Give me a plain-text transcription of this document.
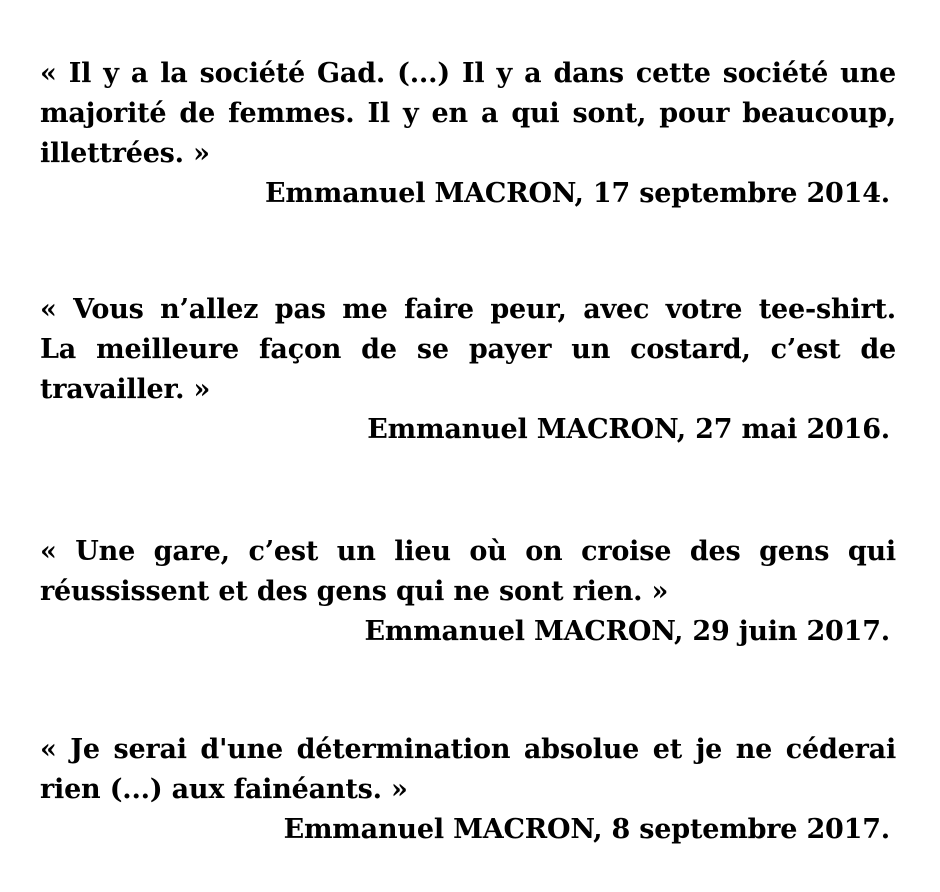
« Il y a la société Gad. (...) Il y a dans cette société une
majorité de femmes. Il y en a qui sont, pour beaucoup,
illettrées. »
Emmanuel MACRON, 17 septembre 2014.
« Vous n’allez pas me faire peur, avec votre tee-shirt.
La meilleure façon de se payer un costard, c’est de
travailler. »
Emmanuel MACRON, 27 mai 2016.
« Une gare, c’est un lieu où on croise des gens qui
réussissent et des gens qui ne sont rien. »
Emmanuel MACRON, 29 juin 2017.
« Je serai d'une détermination absolue et je ne céderai
rien (...) aux fainéants. »
Emmanuel MACRON, 8 septembre 2017.
